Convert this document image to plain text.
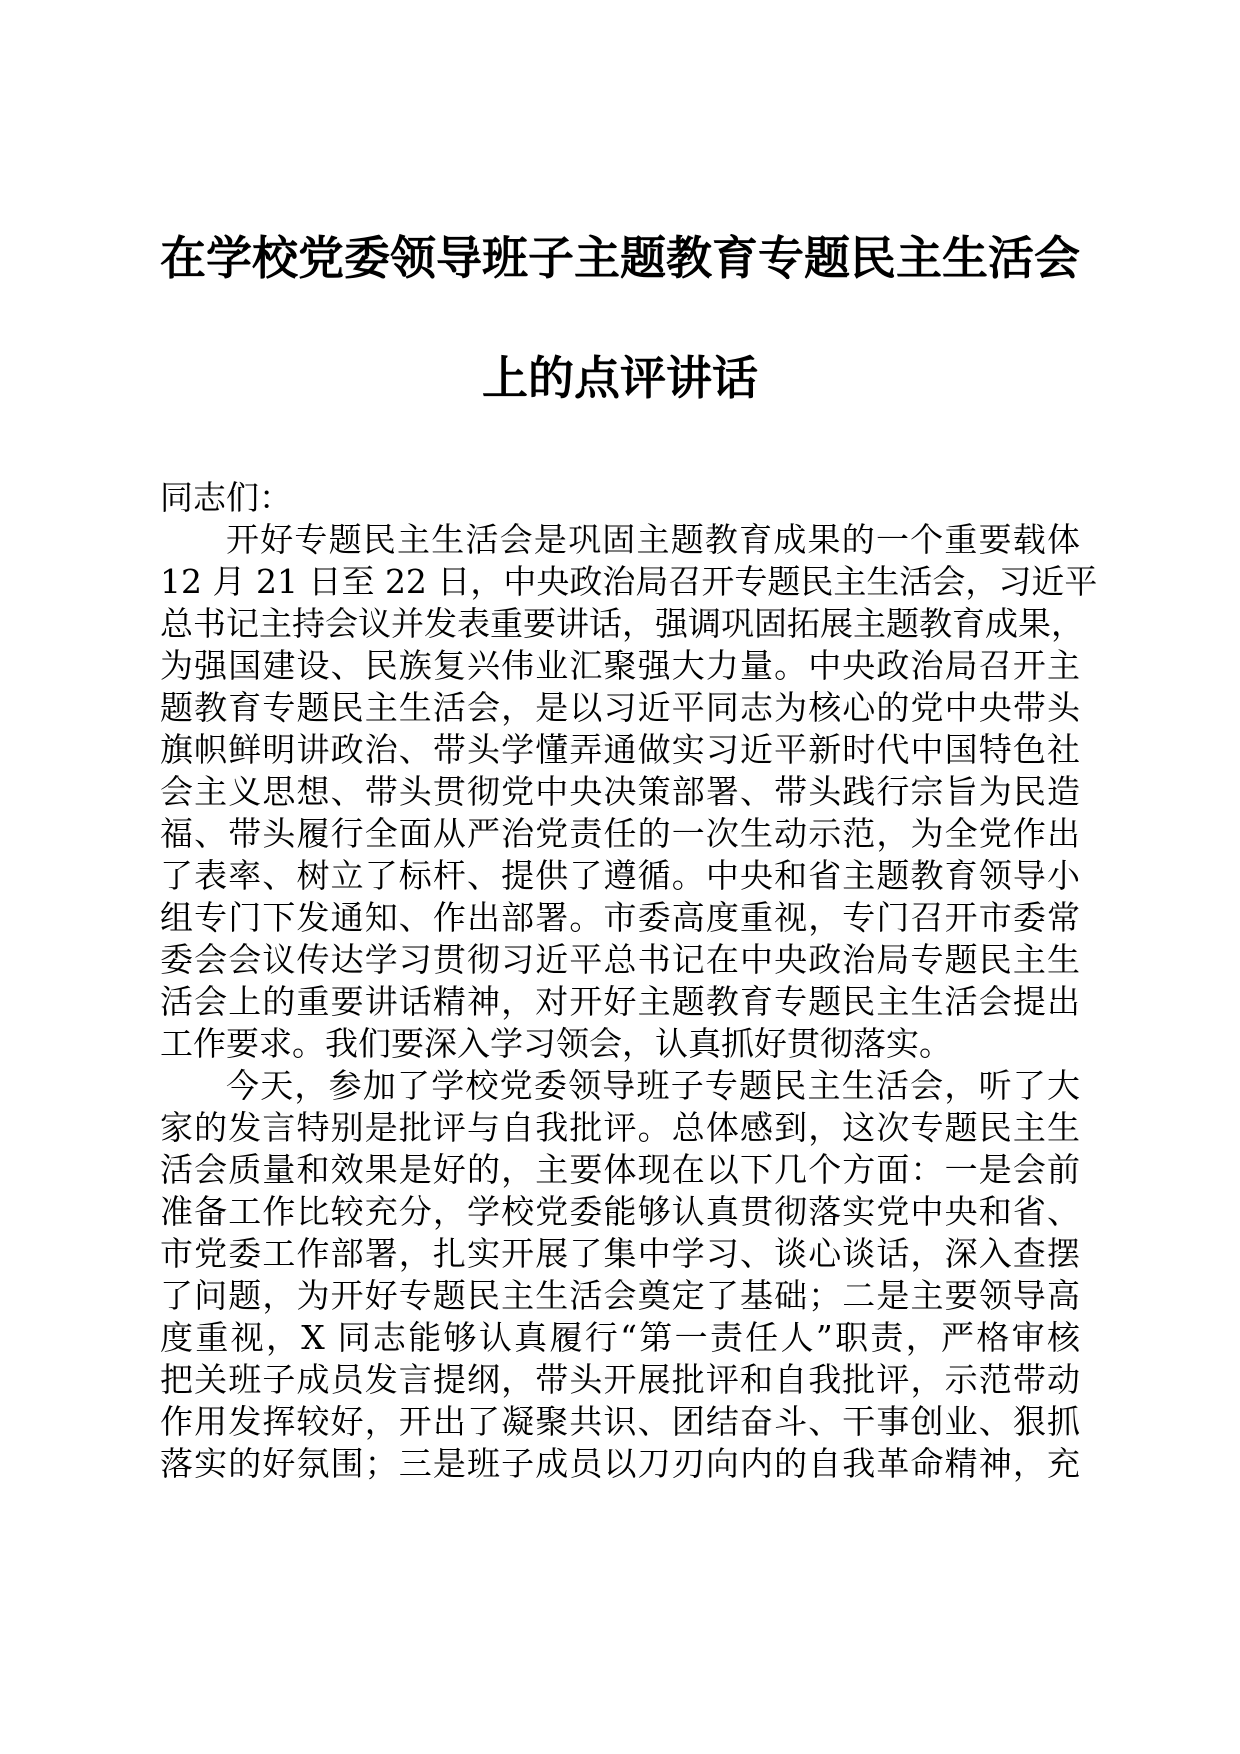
在学校党委领导班子主题教育专题民主生活会
上的点评讲话
同志们：
开好专题民主生活会是巩固主题教育成果的一个重要载体
12 月 21 日至 22 日，中央政治局召开专题民主生活会，习近平
总书记主持会议并发表重要讲话，强调巩固拓展主题教育成果，
为强国建设、民族复兴伟业汇聚强大力量。中央政治局召开主
题教育专题民主生活会，是以习近平同志为核心的党中央带头
旗帜鲜明讲政治、带头学懂弄通做实习近平新时代中国特色社
会主义思想、带头贯彻党中央决策部署、带头践行宗旨为民造
福、带头履行全面从严治党责任的一次生动示范，为全党作出
了表率、树立了标杆、提供了遵循。中央和省主题教育领导小
组专门下发通知、作出部署。市委高度重视，专门召开市委常
委会会议传达学习贯彻习近平总书记在中央政治局专题民主生
活会上的重要讲话精神，对开好主题教育专题民主生活会提出
工作要求。我们要深入学习领会，认真抓好贯彻落实。
今天，参加了学校党委领导班子专题民主生活会，听了大
家的发言特别是批评与自我批评。总体感到，这次专题民主生
活会质量和效果是好的，主要体现在以下几个方面：一是会前
准备工作比较充分，学校党委能够认真贯彻落实党中央和省、
市党委工作部署，扎实开展了集中学习、谈心谈话，深入查摆
了问题，为开好专题民主生活会奠定了基础；二是主要领导高
度重视，X 同志能够认真履行“第一责任人”职责，严格审核
把关班子成员发言提纲，带头开展批评和自我批评，示范带动
作用发挥较好，开出了凝聚共识、团结奋斗、干事创业、狠抓
落实的好氛围；三是班子成员以刀刃向内的自我革命精神，充
